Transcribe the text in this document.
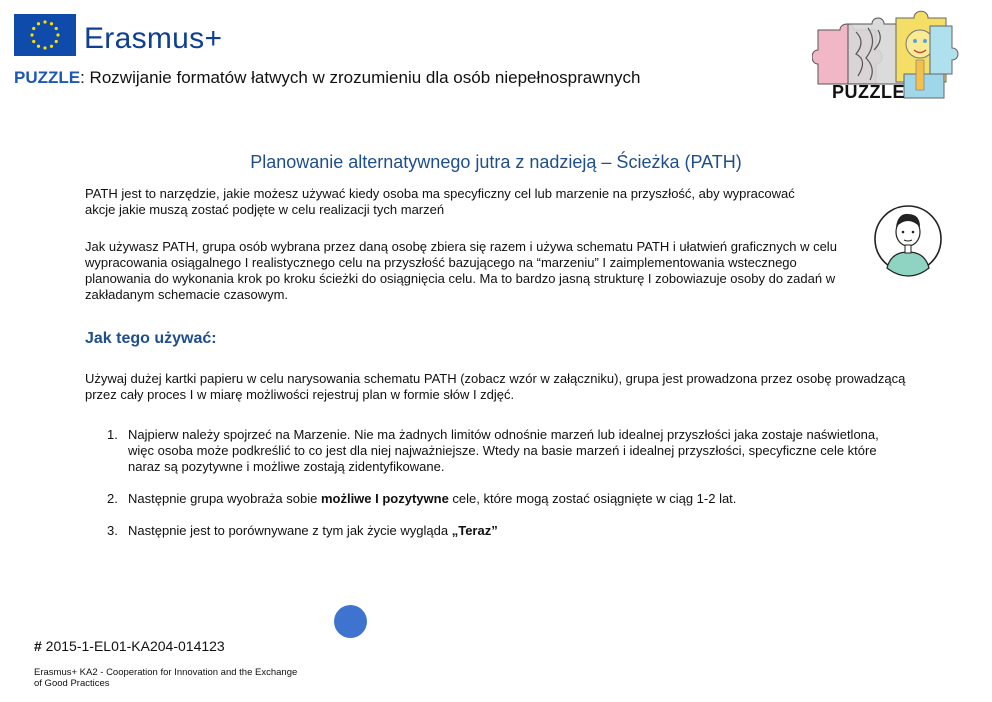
Erasmus+
PUZZLE: Rozwijanie formatów łatwych w zrozumieniu dla osób niepełnosprawnych
PUZZLE
Planowanie alternatywnego jutra z nadzieją – Ścieżka (PATH)
PATH jest to narzędzie, jakie możesz używać kiedy osoba ma specyficzny cel lub marzenie na przyszłość, aby wypracować akcje jakie muszą zostać podjęte w celu realizacji tych marzeń
Jak używasz PATH, grupa osób wybrana przez daną osobę zbiera się razem i używa schematu PATH i ułatwień graficznych w celu wypracowania osiągalnego I realistycznego celu na przyszłość bazującego na “marzeniu” I zaimplementowania wstecznego planowania do wykonania krok po kroku ścieżki do osiągnięcia celu. Ma to bardzo jasną strukturę I zobowiazuje osoby do zadań w zakładanym schemacie czasowym.
Jak tego używać:
Używaj dużej kartki papieru w celu narysowania schematu PATH (zobacz wzór w załączniku), grupa jest prowadzona przez osobę prowadzącą przez cały proces I w miarę możliwości rejestruj plan w formie słów I zdjęć.
1. Najpierw należy spojrzeć na Marzenie. Nie ma żadnych limitów odnośnie marzeń lub idealnej przyszłości jaka zostaje naświetlona, więc osoba może podkreślić to co jest dla niej najważniejsze. Wtedy na basie marzeń i idealnej przyszłości, specyficzne cele które naraz są pozytywne i możliwe zostają zidentyfikowane.
2. Następnie grupa wyobraża sobie możliwe I pozytywne cele, które mogą zostać osiągnięte w ciąg 1-2 lat.
3. Następnie jest to porównywane z tym jak życie wygląda „Teraz”
# 2015-1-EL01-KA204-014123
Erasmus+ KA2 - Cooperation for Innovation and the Exchange of Good Practices
